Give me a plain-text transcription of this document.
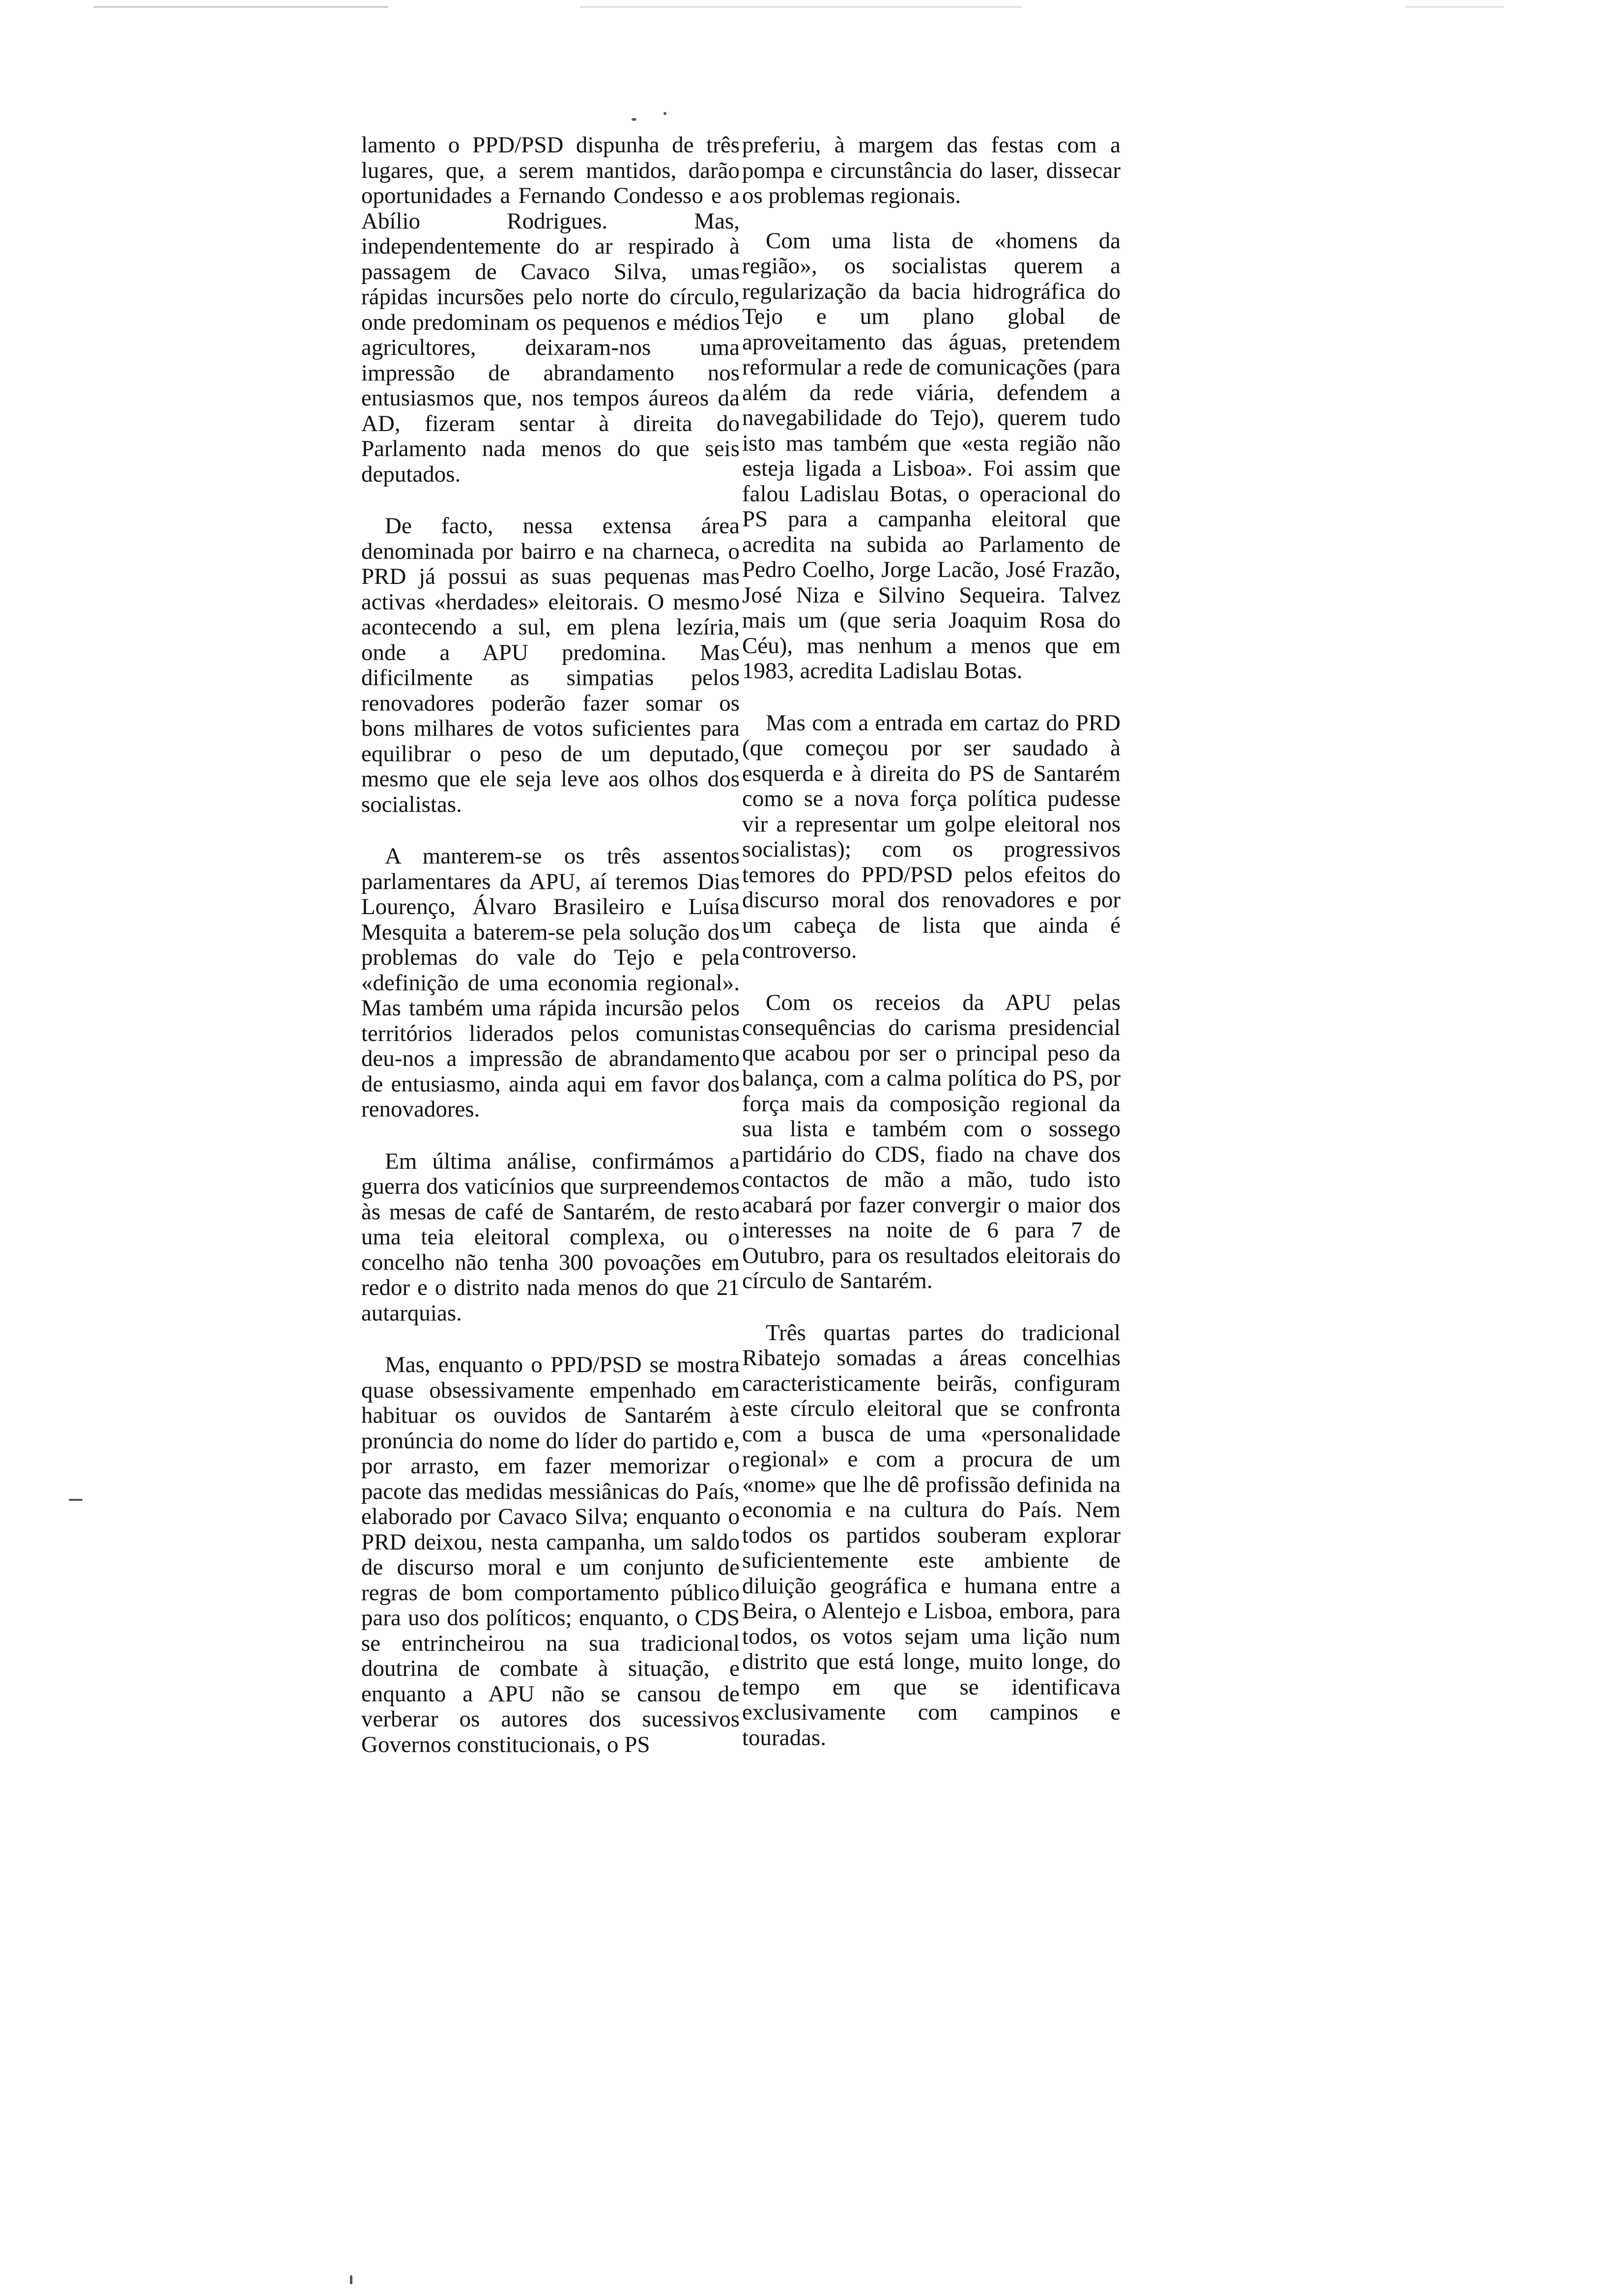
lamento o PPD/PSD dispunha de três lugares, que, a serem mantidos, darão oportunidades a Fernando Condesso e a Abílio Rodrigues. Mas, independentemente do ar respirado à passagem de Cavaco Silva, umas rápidas incursões pelo norte do círculo, onde predominam os pequenos e médios agricultores, deixaram-nos uma impressão de abrandamento nos entusiasmos que, nos tempos áureos da AD, fizeram sentar à direita do Parlamento nada menos do que seis deputados.

De facto, nessa extensa área denominada por bairro e na charneca, o PRD já possui as suas pequenas mas activas «herdades» eleitorais. O mesmo acontecendo a sul, em plena lezíria, onde a APU predomina. Mas dificilmente as simpatias pelos renovadores poderão fazer somar os bons milhares de votos suficientes para equilibrar o peso de um deputado, mesmo que ele seja leve aos olhos dos socialistas.

A manterem-se os três assentos parlamentares da APU, aí teremos Dias Lourenço, Álvaro Brasileiro e Luísa Mesquita a baterem-se pela solução dos problemas do vale do Tejo e pela «definição de uma economia regional». Mas também uma rápida incursão pelos territórios liderados pelos comunistas deu-nos a impressão de abrandamento de entusiasmo, ainda aqui em favor dos renovadores.

Em última análise, confirmámos a guerra dos vaticínios que surpreendemos às mesas de café de Santarém, de resto uma teia eleitoral complexa, ou o concelho não tenha 300 povoações em redor e o distrito nada menos do que 21 autarquias.

Mas, enquanto o PPD/PSD se mostra quase obsessivamente empenhado em habituar os ouvidos de Santarém à pronúncia do nome do líder do partido e, por arrasto, em fazer memorizar o pacote das medidas messiânicas do País, elaborado por Cavaco Silva; enquanto o PRD deixou, nesta campanha, um saldo de discurso moral e um conjunto de regras de bom comportamento público para uso dos políticos; enquanto, o CDS se entrincheirou na sua tradicional doutrina de combate à situação, e enquanto a APU não se cansou de verberar os autores dos sucessivos Governos constitucionais, o PS

preferiu, à margem das festas com a pompa e circunstância do laser, dissecar os problemas regionais.

Com uma lista de «homens da região», os socialistas querem a regularização da bacia hidrográfica do Tejo e um plano global de aproveitamento das águas, pretendem reformular a rede de comunicações (para além da rede viária, defendem a navegabilidade do Tejo), querem tudo isto mas também que «esta região não esteja ligada a Lisboa». Foi assim que falou Ladislau Botas, o operacional do PS para a campanha eleitoral que acredita na subida ao Parlamento de Pedro Coelho, Jorge Lacão, José Frazão, José Niza e Silvino Sequeira. Talvez mais um (que seria Joaquim Rosa do Céu), mas nenhum a menos que em 1983, acredita Ladislau Botas.

Mas com a entrada em cartaz do PRD (que começou por ser saudado à esquerda e à direita do PS de Santarém como se a nova força política pudesse vir a representar um golpe eleitoral nos socialistas); com os progressivos temores do PPD/PSD pelos efeitos do discurso moral dos renovadores e por um cabeça de lista que ainda é controverso.

Com os receios da APU pelas consequências do carisma presidencial que acabou por ser o principal peso da balança, com a calma política do PS, por força mais da composição regional da sua lista e também com o sossego partidário do CDS, fiado na chave dos contactos de mão a mão, tudo isto acabará por fazer convergir o maior dos interesses na noite de 6 para 7 de Outubro, para os resultados eleitorais do círculo de Santarém.

Três quartas partes do tradicional Ribatejo somadas a áreas concelhias caracteristicamente beirãs, configuram este círculo eleitoral que se confronta com a busca de uma «personalidade regional» e com a procura de um «nome» que lhe dê profissão definida na economia e na cultura do País. Nem todos os partidos souberam explorar suficientemente este ambiente de diluição geográfica e humana entre a Beira, o Alentejo e Lisboa, embora, para todos, os votos sejam uma lição num distrito que está longe, muito longe, do tempo em que se identificava exclusivamente com campinos e touradas.
